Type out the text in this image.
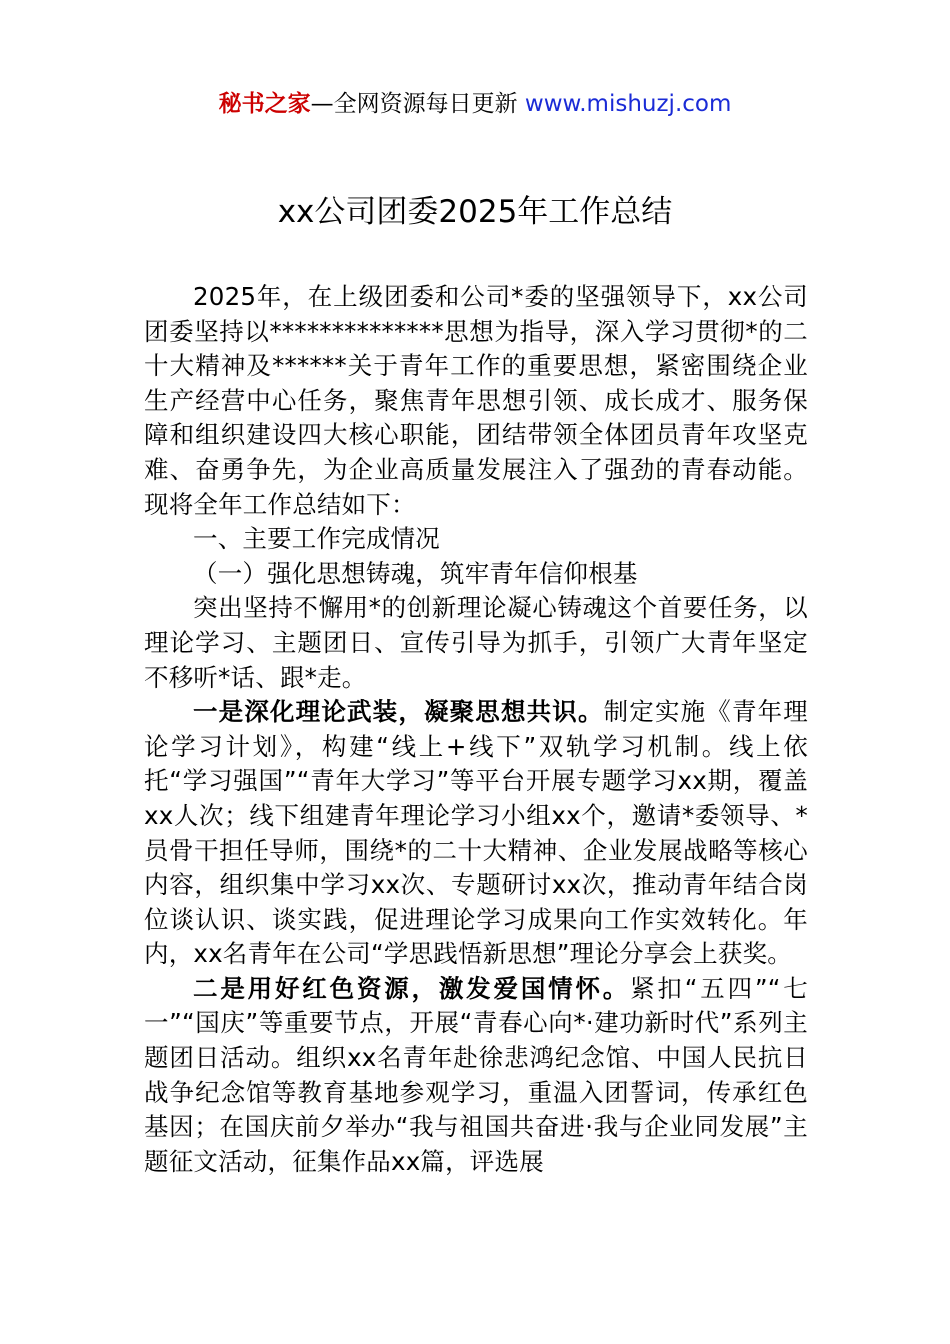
秘书之家—全网资源每日更新 www.mishuzj.com
xx公司团委2025年工作总结

2025年，在上级团委和公司*委的坚强领导下，xx公司团委坚持以**************思想为指导，深入学习贯彻*的二十大精神及******关于青年工作的重要思想，紧密围绕企业生产经营中心任务，聚焦青年思想引领、成长成才、服务保障和组织建设四大核心职能，团结带领全体团员青年攻坚克难、奋勇争先，为企业高质量发展注入了强劲的青春动能。现将全年工作总结如下：

一、主要工作完成情况

（一）强化思想铸魂，筑牢青年信仰根基

突出坚持不懈用*的创新理论凝心铸魂这个首要任务，以理论学习、主题团日、宣传引导为抓手，引领广大青年坚定不移听*话、跟*走。

一是深化理论武装，凝聚思想共识。制定实施《青年理论学习计划》，构建“线上+线下”双轨学习机制。线上依托“学习强国”“青年大学习”等平台开展专题学习xx期，覆盖xx人次；线下组建青年理论学习小组xx个，邀请*委领导、*员骨干担任导师，围绕*的二十大精神、企业发展战略等核心内容，组织集中学习xx次、专题研讨xx次，推动青年结合岗位谈认识、谈实践，促进理论学习成果向工作实效转化。年内，xx名青年在公司“学思践悟新思想”理论分享会上获奖。

二是用好红色资源，激发爱国情怀。紧扣“五四”“七一”“国庆”等重要节点，开展“青春心向*·建功新时代”系列主题团日活动。组织xx名青年赴徐悲鸿纪念馆、中国人民抗日战争纪念馆等教育基地参观学习，重温入团誓词，传承红色基因；在国庆前夕举办“我与祖国共奋进·我与企业同发展”主题征文活动，征集作品xx篇，评选展
